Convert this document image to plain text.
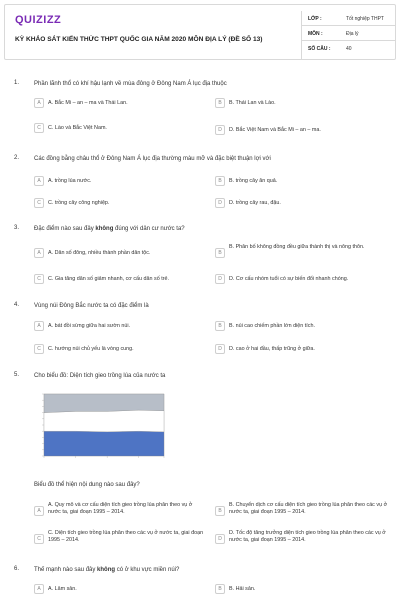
QUIZIZZ
KỲ KHẢO SÁT KIẾN THỨC THPT QUỐC GIA NĂM 2020 MÔN ĐỊA LÝ (ĐỀ SỐ 13)
LỚP :	Tốt nghiệp THPT
MÔN :	Địa lý
SỐ CÂU :	40
1. Phần lãnh thổ có khí hậu lạnh về mùa đông ở Đông Nam Á lục địa thuộc
A	A. Bắc Mi – an – ma và Thái Lan.	B	B. Thái Lan và Lào.
C	C. Lào và Bắc Việt Nam.	D	D. Bắc Việt Nam và Bắc Mi – an – ma.
2. Các đồng bằng châu thổ ở Đông Nam Á lục địa thường màu mỡ và đặc biệt thuận lợi với
A	A. trồng lúa nước.	B	B. trồng cây ăn quả.
C	C. trồng cây công nghiệp.	D	D. trồng cây rau, đậu.
3. Đặc điểm nào sau đây không đúng với dân cư nước ta?
A	A. Dân số đông, nhiều thành phần dân tộc.	B
B. Phân bố không đồng đều giữa thành thị và nông thôn.
C	C. Gia tăng dân số giảm nhanh, cơ cấu dân số trẻ.	D	D. Cơ cấu nhóm tuổi có sự biến đổi nhanh chóng.
4. Vùng núi Đông Bắc nước ta có đặc điểm là
A	A. bát đồi sừng giữa hai sườn núi.	B	B. núi cao chiếm phần lớn diện tích.
C	C. hướng núi chủ yếu là vòng cung.	D	D. cao ở hai đầu, thấp trũng ở giữa.
5. Cho biểu đồ: Diện tích gieo trồng lúa của nước ta
Biểu đồ thể hiện nội dung nào sau đây?
A
A. Quy mô và cơ cấu diện tích gieo trồng lúa phân theo vụ ở nước ta, giai đoạn 1995 – 2014.	B
B. Chuyển dịch cơ cấu diện tích gieo trồng lúa phân theo các vụ ở nước ta, giai đoạn 1995 – 2014.
C
C. Diện tích gieo trồng lúa phân theo các vụ ở nước ta, giai đoạn 1995 – 2014.	D
D. Tốc độ tăng trưởng diện tích gieo trồng lúa phân theo các vụ ở nước ta, giai đoạn 1995 – 2014.
6. Thế mạnh nào sau đây không có ở khu vực miền núi?
A	A. Lâm sản.	B	B. Hải sản.
